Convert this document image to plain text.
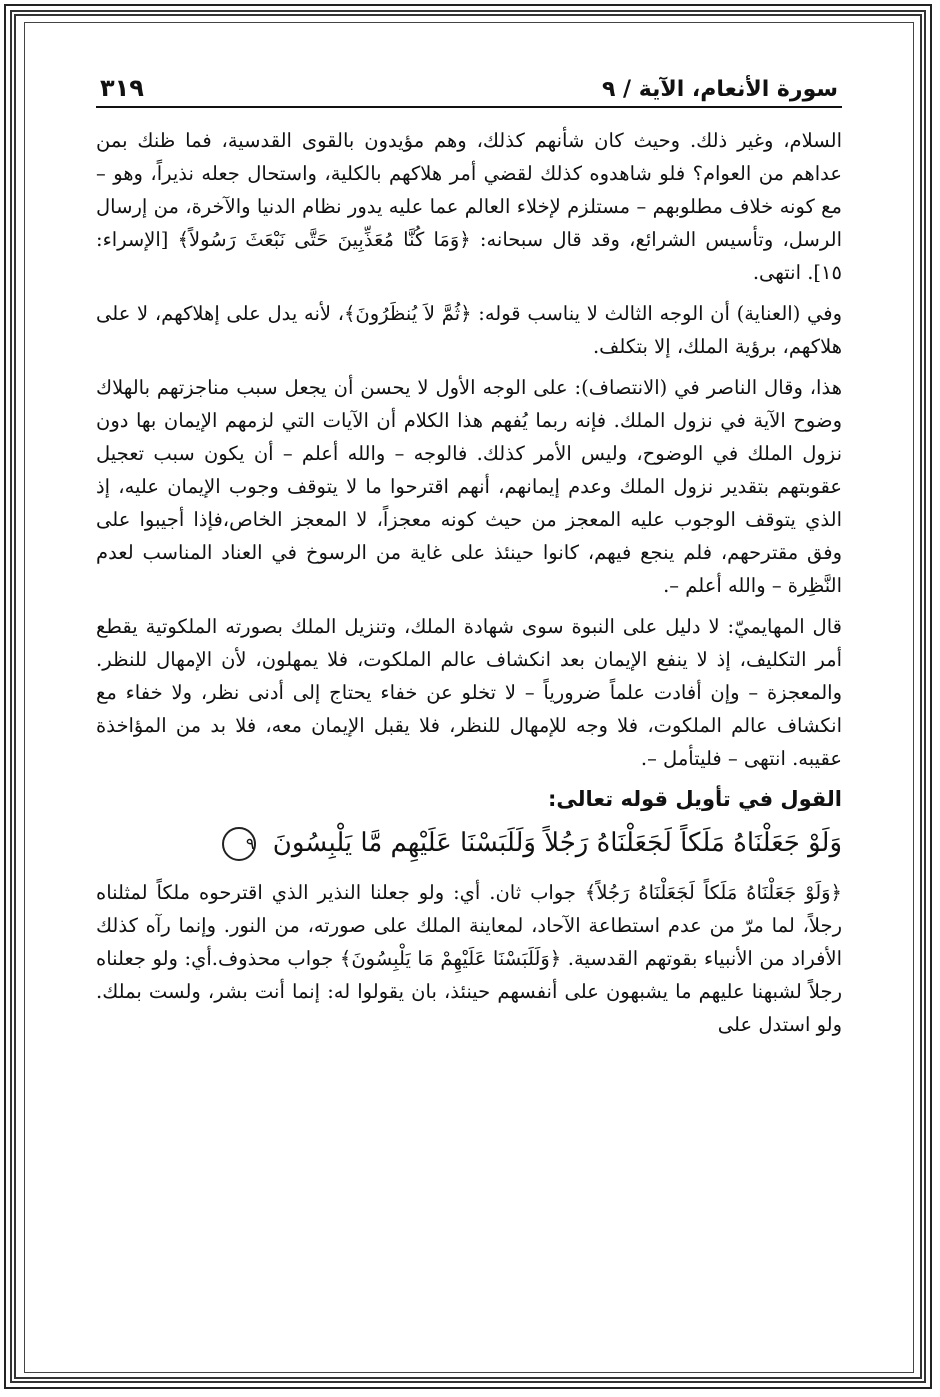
سورة الأنعام، الآية / ٩
٣١٩

السلام، وغير ذلك. وحيث كان شأنهم كذلك، وهم مؤيدون بالقوى القدسية، فما ظنك بمن عداهم من العوام؟ فلو شاهدوه كذلك لقضي أمر هلاكهم بالكلية، واستحال جعله نذيراً، وهو – مع كونه خلاف مطلوبهم – مستلزم لإخلاء العالم عما عليه يدور نظام الدنيا والآخرة، من إرسال الرسل، وتأسيس الشرائع، وقد قال سبحانه: ﴿وَمَا كُنَّا مُعَذِّبِينَ حَتَّى نَبْعَثَ رَسُولاً﴾ [الإسراء: ١٥]. انتهى.

وفي (العناية) أن الوجه الثالث لا يناسب قوله: ﴿ثُمَّ لاَ يُنظَرُونَ﴾، لأنه يدل على إهلاكهم، لا على هلاكهم، برؤية الملك، إلا بتكلف.

هذا، وقال الناصر في (الانتصاف): على الوجه الأول لا يحسن أن يجعل سبب مناجزتهم بالهلاك وضوح الآية في نزول الملك. فإنه ربما يُفهم هذا الكلام أن الآيات التي لزمهم الإيمان بها دون نزول الملك في الوضوح، وليس الأمر كذلك. فالوجه – والله أعلم – أن يكون سبب تعجيل عقوبتهم بتقدير نزول الملك وعدم إيمانهم، أنهم اقترحوا ما لا يتوقف وجوب الإيمان عليه، إذ الذي يتوقف الوجوب عليه المعجز من حيث كونه معجزاً، لا المعجز الخاص،فإذا أجيبوا على وفق مقترحهم، فلم ينجع فيهم، كانوا حينئذ على غاية من الرسوخ في العناد المناسب لعدم النَّظِرة – والله أعلم –.

قال المهايميّ: لا دليل على النبوة سوى شهادة الملك، وتنزيل الملك بصورته الملكوتية يقطع أمر التكليف، إذ لا ينفع الإيمان بعد انكشاف عالم الملكوت، فلا يمهلون، لأن الإمهال للنظر. والمعجزة – وإن أفادت علماً ضرورياً – لا تخلو عن خفاء يحتاج إلى أدنى نظر، ولا خفاء مع انكشاف عالم الملكوت، فلا وجه للإمهال للنظر، فلا يقبل الإيمان معه، فلا بد من المؤاخذة عقيبه. انتهى – فليتأمل –.

القول في تأويل قوله تعالى:
وَلَوْ جَعَلْنَاهُ مَلَكاً لَجَعَلْنَاهُ رَجُلاً وَلَلَبَسْنَا عَلَيْهِم مَّا يَلْبِسُونَ ٩

﴿وَلَوْ جَعَلْنَاهُ مَلَكاً لَجَعَلْنَاهُ رَجُلاً﴾ جواب ثان. أي: ولو جعلنا النذير الذي اقترحوه ملكاً لمثلناه رجلاً، لما مرّ من عدم استطاعة الآحاد، لمعاينة الملك على صورته، من النور. وإنما رآه كذلك الأفراد من الأنبياء بقوتهم القدسية. ﴿وَلَلَبَسْنَا عَلَيْهِمْ مَا يَلْبِسُونَ﴾ جواب محذوف.أي: ولو جعلناه رجلاً لشبهنا عليهم ما يشبهون على أنفسهم حينئذ، بان يقولوا له: إنما أنت بشر، ولست بملك. ولو استدل على
